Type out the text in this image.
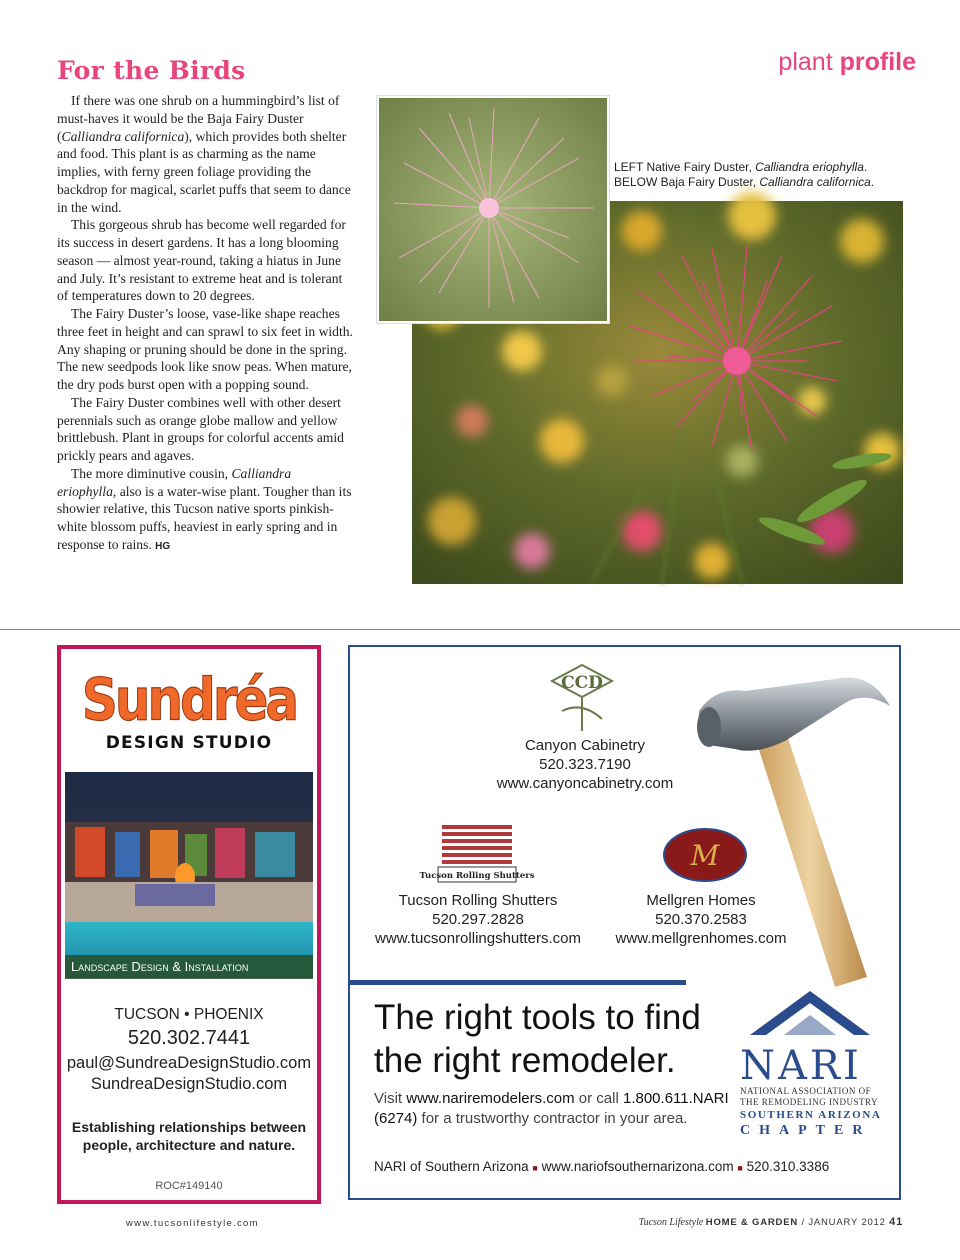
For the Birds	plant profile

If there was one shrub on a hummingbird’s list of must-haves it would be the Baja Fairy Duster (Calliandra californica), which provides both shelter and food. This plant is as charming as the name implies, with ferny green foliage providing the backdrop for magical, scarlet puffs that seem to dance in the wind.

This gorgeous shrub has become well regarded for its success in desert gardens. It has a long blooming season — almost year-round, taking a hiatus in June and July. It’s resistant to extreme heat and is tolerant of temperatures down to 20 degrees.

The Fairy Duster’s loose, vase-like shape reaches three feet in height and can sprawl to six feet in width. Any shaping or pruning should be done in the spring. The new seedpods look like snow peas. When mature, the dry pods burst open with a popping sound.

The Fairy Duster combines well with other desert perennials such as orange globe mallow and yellow brittlebush. Plant in groups for colorful accents amid prickly pears and agaves.

The more diminutive cousin, Calliandra eriophylla, also is a water-wise plant. Tougher than its showier relative, this Tucson native sports pinkish-white blossom puffs, heaviest in early spring and in response to rains. HG

LEFT Native Fairy Duster, Calliandra eriophylla.
BELOW Baja Fairy Duster, Calliandra californica.
Sundréa
DESIGN STUDIO
Landscape Design & Installation
TUCSON • PHOENIX
520.302.7441
paul@SundreaDesignStudio.com
SundreaDesignStudio.com
Establishing relationships between
people, architecture and nature.
ROC#149140
CCD
Canyon Cabinetry
520.323.7190
www.canyoncabinetry.com
Tucson Rolling Shutters
Tucson Rolling Shutters
520.297.2828
www.tucsonrollingshutters.com
M
Mellgren Homes
520.370.2583
www.mellgrenhomes.com
The right tools to find
the right remodeler.
Visit www.nariremodelers.com or call 1.800.611.NARI
(6274) for a trustworthy contractor in your area.
NARI
NATIONAL ASSOCIATION OF
THE REMODELING INDUSTRY
SOUTHERN ARIZONA
CHAPTER
NARI of Southern Arizona ■ www.nariofsouthernarizona.com ■ 520.310.3386
www.tucsonlifestyle.com	Tucson Lifestyle HOME & GARDEN / JANUARY 2012 41
